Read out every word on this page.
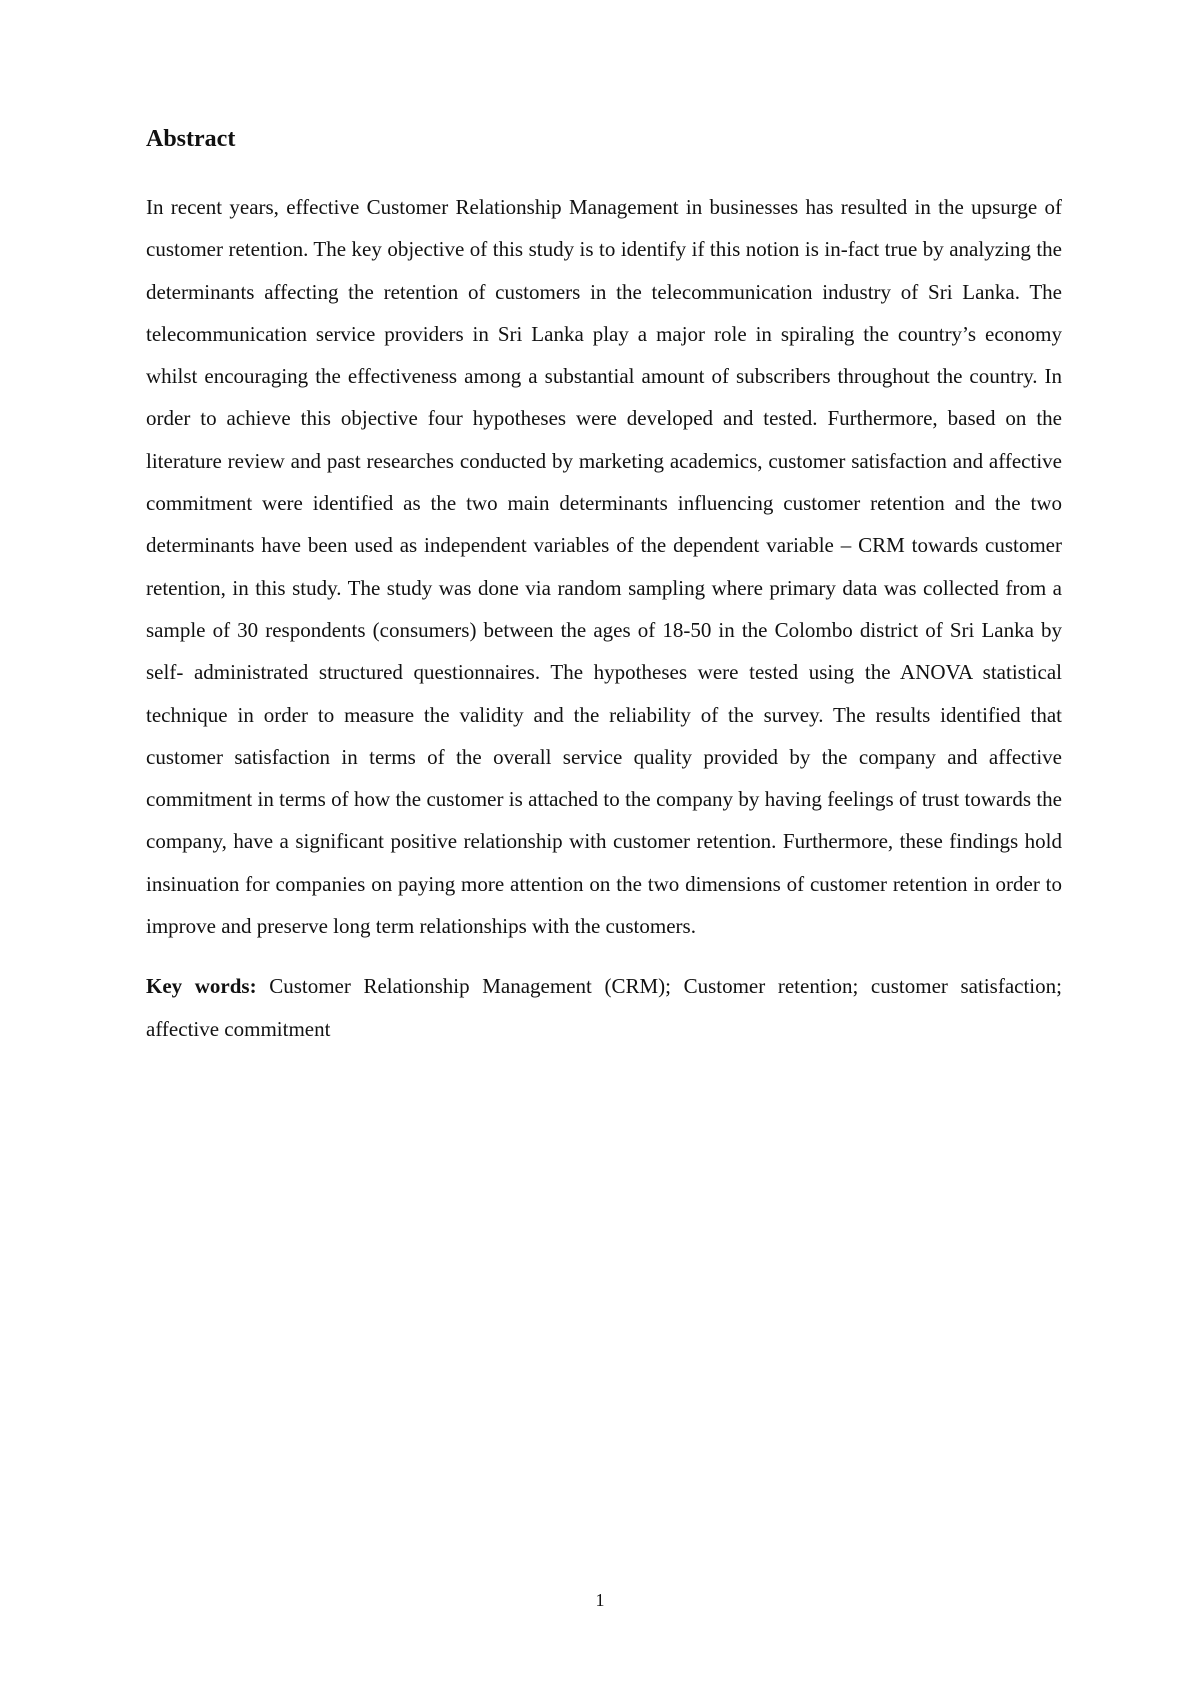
Abstract

In recent years, effective Customer Relationship Management in businesses has resulted in the upsurge of customer retention. The key objective of this study is to identify if this notion is in-fact true by analyzing the determinants affecting the retention of customers in the telecommunication industry of Sri Lanka. The telecommunication service providers in Sri Lanka play a major role in spiraling the country’s economy whilst encouraging the effectiveness among a substantial amount of subscribers throughout the country. In order to achieve this objective four hypotheses were developed and tested. Furthermore, based on the literature review and past researches conducted by marketing academics, customer satisfaction and affective commitment were identified as the two main determinants influencing customer retention and the two determinants have been used as independent variables of the dependent variable – CRM towards customer retention, in this study. The study was done via random sampling where primary data was collected from a sample of 30 respondents (consumers) between the ages of 18-50 in the Colombo district of Sri Lanka by self- administrated structured questionnaires. The hypotheses were tested using the ANOVA statistical technique in order to measure the validity and the reliability of the survey. The results identified that customer satisfaction in terms of the overall service quality provided by the company and affective commitment in terms of how the customer is attached to the company by having feelings of trust towards the company, have a significant positive relationship with customer retention. Furthermore, these findings hold insinuation for companies on paying more attention on the two dimensions of customer retention in order to improve and preserve long term relationships with the customers.

Key words: Customer Relationship Management (CRM); Customer retention; customer satisfaction; affective commitment

1
